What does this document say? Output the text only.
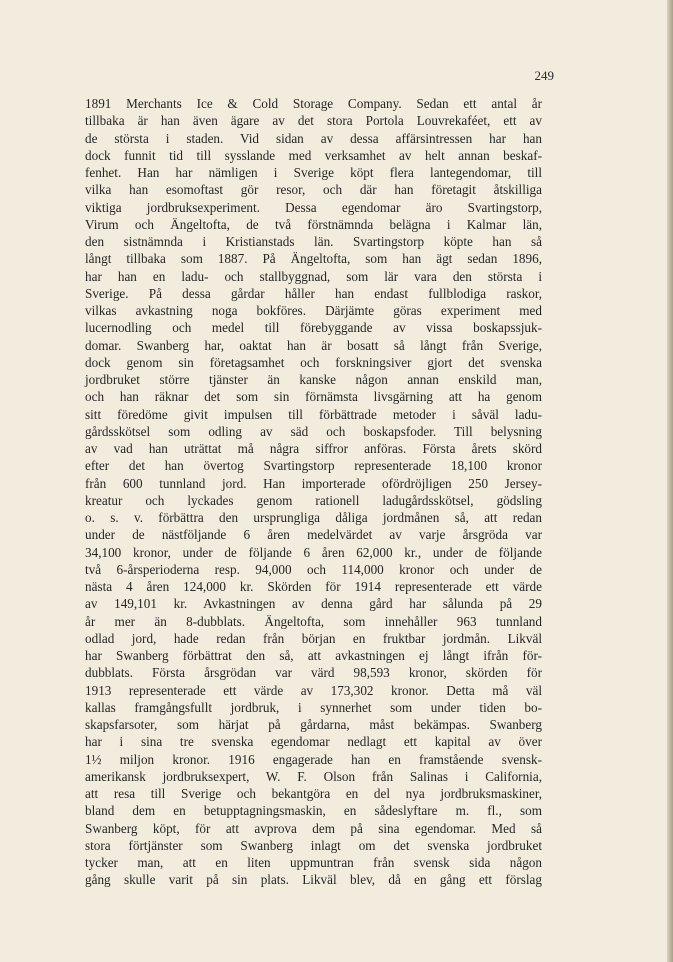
249
1891 Merchants Ice & Cold Storage Company. Sedan ett antal år
tillbaka är han även ägare av det stora Portola Louvrekaféet, ett av
de största i staden. Vid sidan av dessa affärsintressen har han
dock funnit tid till sysslande med verksamhet av helt annan beskaf-
fenhet. Han har nämligen i Sverige köpt flera lantegendomar, till
vilka han esomoftast gör resor, och där han företagit åtskilliga
viktiga jordbruksexperiment. Dessa egendomar äro Svartingstorp,
Virum och Ängeltofta, de två förstnämnda belägna i Kalmar län,
den sistnämnda i Kristianstads län. Svartingstorp köpte han så
långt tillbaka som 1887. På Ängeltofta, som han ägt sedan 1896,
har han en ladu- och stallbyggnad, som lär vara den största i
Sverige. På dessa gårdar håller han endast fullblodiga raskor,
vilkas avkastning noga bokföres. Därjämte göras experiment med
lucernodling och medel till förebyggande av vissa boskapssjuk-
domar. Swanberg har, oaktat han är bosatt så långt från Sverige,
dock genom sin företagsamhet och forskningsiver gjort det svenska
jordbruket större tjänster än kanske någon annan enskild man,
och han räknar det som sin förnämsta livsgärning att ha genom
sitt föredöme givit impulsen till förbättrade metoder i såväl ladu-
gårdsskötsel som odling av säd och boskapsfoder. Till belysning
av vad han uträttat må några siffror anföras. Första årets skörd
efter det han övertog Svartingstorp representerade 18,100 kronor
från 600 tunnland jord. Han importerade ofördröjligen 250 Jersey-
kreatur och lyckades genom rationell ladugårdsskötsel, gödsling
o. s. v. förbättra den ursprungliga dåliga jordmånen så, att redan
under de nästföljande 6 åren medelvärdet av varje årsgröda var
34,100 kronor, under de följande 6 åren 62,000 kr., under de följande
två 6-årsperioderna resp. 94,000 och 114,000 kronor och under de
nästa 4 åren 124,000 kr. Skörden för 1914 representerade ett värde
av 149,101 kr. Avkastningen av denna gård har sålunda på 29
år mer än 8-dubblats. Ängeltofta, som innehåller 963 tunnland
odlad jord, hade redan från början en fruktbar jordmån. Likväl
har Swanberg förbättrat den så, att avkastningen ej långt ifrån för-
dubblats. Första årsgrödan var värd 98,593 kronor, skörden för
1913 representerade ett värde av 173,302 kronor. Detta må väl
kallas framgångsfullt jordbruk, i synnerhet som under tiden bo-
skapsfarsoter, som härjat på gårdarna, måst bekämpas. Swanberg
har i sina tre svenska egendomar nedlagt ett kapital av över
1½ miljon kronor. 1916 engagerade han en framstående svensk-
amerikansk jordbruksexpert, W. F. Olson från Salinas i California,
att resa till Sverige och bekantgöra en del nya jordbruksmaskiner,
bland dem en betupptagningsmaskin, en sådeslyftare m. fl., som
Swanberg köpt, för att avprova dem på sina egendomar. Med så
stora förtjänster som Swanberg inlagt om det svenska jordbruket
tycker man, att en liten uppmuntran från svensk sida någon
gång skulle varit på sin plats. Likväl blev, då en gång ett förslag
